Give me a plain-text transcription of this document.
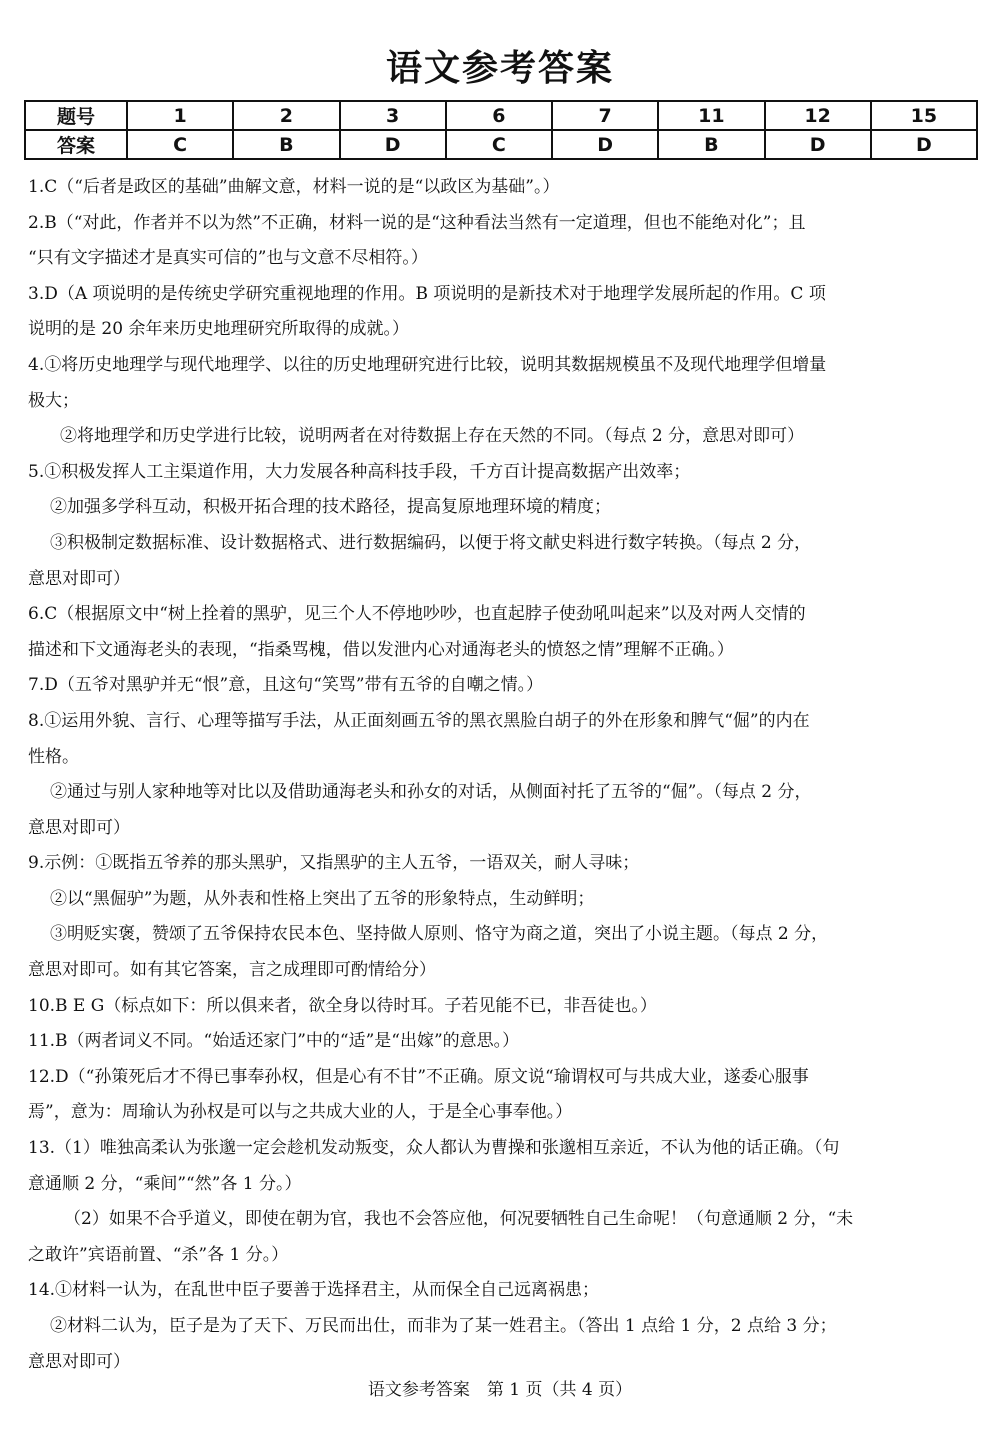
语文参考答案
题号	1	2	3	6	7	11	12	15
答案	C	B	D	C	D	B	D	D

1.C（“后者是政区的基础”曲解文意，材料一说的是“以政区为基础”。）

2.B（“对此，作者并不以为然”不正确，材料一说的是“这种看法当然有一定道理，但也不能绝对化”；且

“只有文字描述才是真实可信的”也与文意不尽相符。）

3.D（A 项说明的是传统史学研究重视地理的作用。B 项说明的是新技术对于地理学发展所起的作用。C 项

说明的是 20 余年来历史地理研究所取得的成就。）

4.①将历史地理学与现代地理学、以往的历史地理研究进行比较，说明其数据规模虽不及现代地理学但增量

极大；

②将地理学和历史学进行比较，说明两者在对待数据上存在天然的不同。（每点 2 分，意思对即可）

5.①积极发挥人工主渠道作用，大力发展各种高科技手段，千方百计提高数据产出效率；

②加强多学科互动，积极开拓合理的技术路径，提高复原地理环境的精度；

③积极制定数据标准、设计数据格式、进行数据编码，以便于将文献史料进行数字转换。（每点 2 分，

意思对即可）

6.C（根据原文中“树上拴着的黑驴，见三个人不停地吵吵，也直起脖子使劲吼叫起来”以及对两人交情的

描述和下文通海老头的表现，“指桑骂槐，借以发泄内心对通海老头的愤怒之情”理解不正确。）

7.D（五爷对黑驴并无“恨”意，且这句“笑骂”带有五爷的自嘲之情。）

8.①运用外貌、言行、心理等描写手法，从正面刻画五爷的黑衣黑脸白胡子的外在形象和脾气“倔”的内在

性格。

②通过与别人家种地等对比以及借助通海老头和孙女的对话，从侧面衬托了五爷的“倔”。（每点 2 分，

意思对即可）

9.示例：①既指五爷养的那头黑驴，又指黑驴的主人五爷，一语双关，耐人寻味；

②以“黑倔驴”为题，从外表和性格上突出了五爷的形象特点，生动鲜明；

③明贬实褒，赞颂了五爷保持农民本色、坚持做人原则、恪守为商之道，突出了小说主题。（每点 2 分，

意思对即可。如有其它答案，言之成理即可酌情给分）

10.B E G（标点如下：所以俱来者，欲全身以待时耳。子若见能不已，非吾徒也。）

11.B（两者词义不同。“始适还家门”中的“适”是“出嫁”的意思。）

12.D（“孙策死后才不得已事奉孙权，但是心有不甘”不正确。原文说“瑜谓权可与共成大业，遂委心服事

焉”，意为：周瑜认为孙权是可以与之共成大业的人，于是全心事奉他。）

13.（1）唯独高柔认为张邈一定会趁机发动叛变，众人都认为曹操和张邈相互亲近，不认为他的话正确。（句

意通顺 2 分，“乘间”“然”各 1 分。）

（2）如果不合乎道义，即使在朝为官，我也不会答应他，何况要牺牲自己生命呢！（句意通顺 2 分，“未

之敢许”宾语前置、“杀”各 1 分。）

14.①材料一认为，在乱世中臣子要善于选择君主，从而保全自己远离祸患；

②材料二认为，臣子是为了天下、万民而出仕，而非为了某一姓君主。（答出 1 点给 1 分，2 点给 3 分；

意思对即可）

语文参考答案　第 1 页（共 4 页）
